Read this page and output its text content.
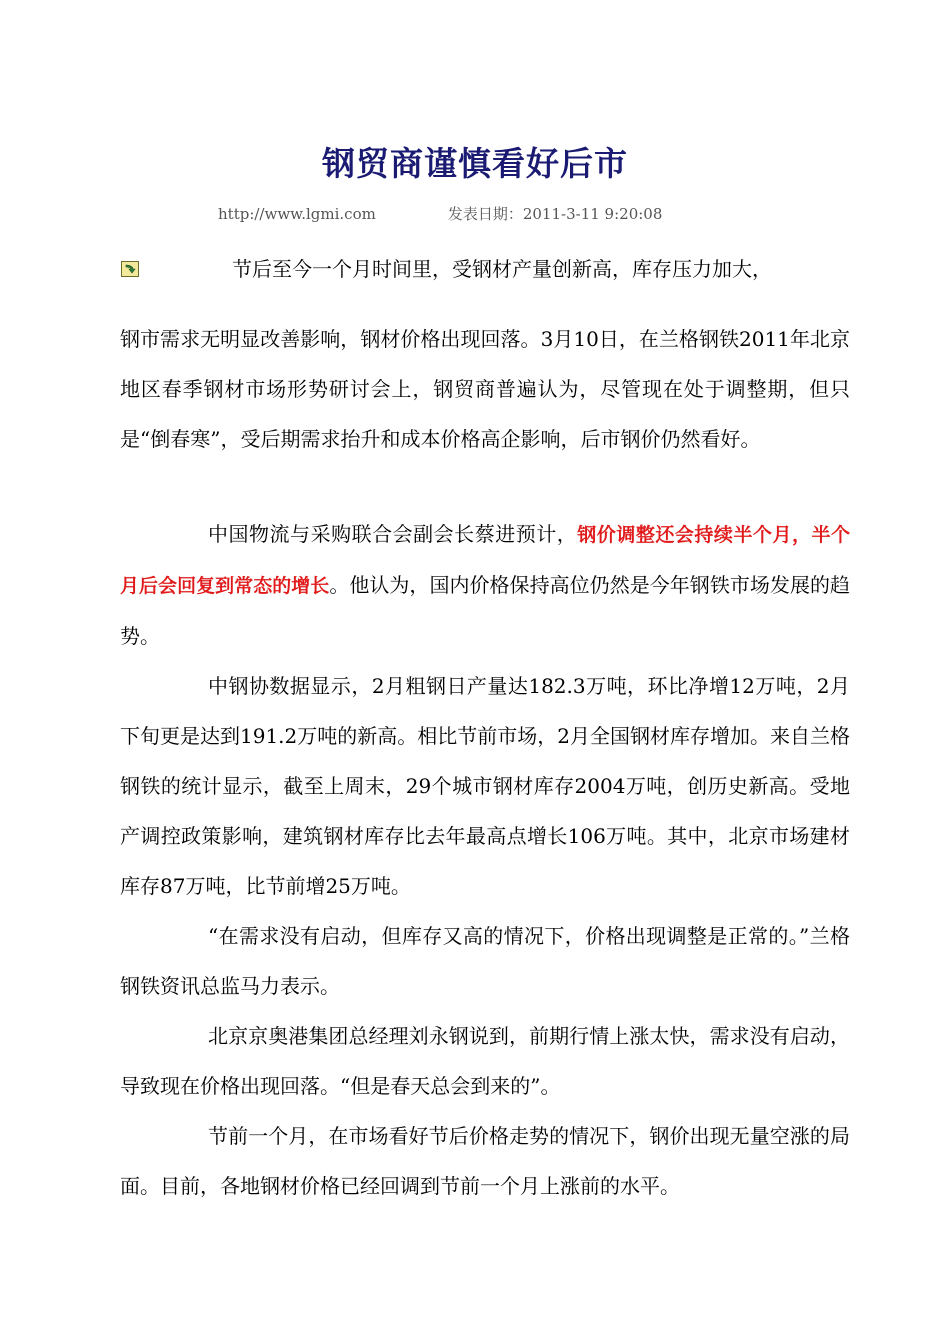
钢贸商谨慎看好后市
http://www.lgmi.com	发表日期：2011-3-11 9:20:08
节后至今一个月时间里，受钢材产量创新高，库存压力加大，
钢市需求无明显改善影响，钢材价格出现回落。3月10日，在兰格钢铁2011年北京地区春季钢材市场形势研讨会上，钢贸商普遍认为，尽管现在处于调整期，但只是“倒春寒”，受后期需求抬升和成本价格高企影响，后市钢价仍然看好。

中国物流与采购联合会副会长蔡进预计，钢价调整还会持续半个月，半个月后会回复到常态的增长。他认为，国内价格保持高位仍然是今年钢铁市场发展的趋势。

中钢协数据显示，2月粗钢日产量达182.3万吨，环比净增12万吨，2月下旬更是达到191.2万吨的新高。相比节前市场，2月全国钢材库存增加。来自兰格钢铁的统计显示，截至上周末，29个城市钢材库存2004万吨，创历史新高。受地产调控政策影响，建筑钢材库存比去年最高点增长106万吨。其中，北京市场建材库存87万吨，比节前增25万吨。

“在需求没有启动，但库存又高的情况下，价格出现调整是正常的。”兰格钢铁资讯总监马力表示。

北京京奥港集团总经理刘永钢说到，前期行情上涨太快，需求没有启动，导致现在价格出现回落。“但是春天总会到来的”。

节前一个月，在市场看好节后价格走势的情况下，钢价出现无量空涨的局面。目前，各地钢材价格已经回调到节前一个月上涨前的水平。
